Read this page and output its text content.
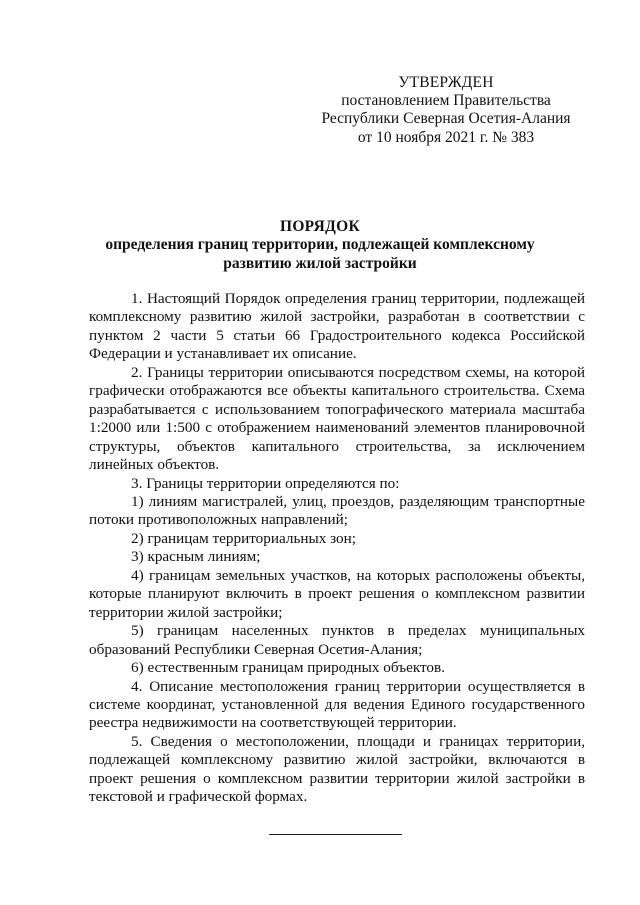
УТВЕРЖДЕН
постановлением Правительства
Республики Северная Осетия-Алания
от 10 ноября 2021 г. № 383
ПОРЯДОК
определения границ территории, подлежащей комплексному
развитию жилой застройки

1. Настоящий Порядок определения границ территории, подлежащей комплексному развитию жилой застройки, разработан в соответствии с пунктом 2 части 5 статьи 66 Градостроительного кодекса Российской Федерации и устанавливает их описание.

2. Границы территории описываются посредством схемы, на которой графически отображаются все объекты капитального строительства. Схема разрабатывается с использованием топографического материала масштаба 1:2000 или 1:500 с отображением наименований элементов планировочной структуры, объектов капитального строительства, за исключением линейных объектов.

3. Границы территории определяются по:

1) линиям магистралей, улиц, проездов, разделяющим транспортные потоки противоположных направлений;

2) границам территориальных зон;

3) красным линиям;

4) границам земельных участков, на которых расположены объекты, которые планируют включить в проект решения о комплексном развитии территории жилой застройки;

5) границам населенных пунктов в пределах муниципальных образований Республики Северная Осетия-Алания;

6) естественным границам природных объектов.

4. Описание местоположения границ территории осуществляется в системе координат, установленной для ведения Единого государственного реестра недвижимости на соответствующей территории.

5. Сведения о местоположении, площади и границах территории, подлежащей комплексному развитию жилой застройки, включаются в проект решения о комплексном развитии территории жилой застройки в текстовой и графической формах.
